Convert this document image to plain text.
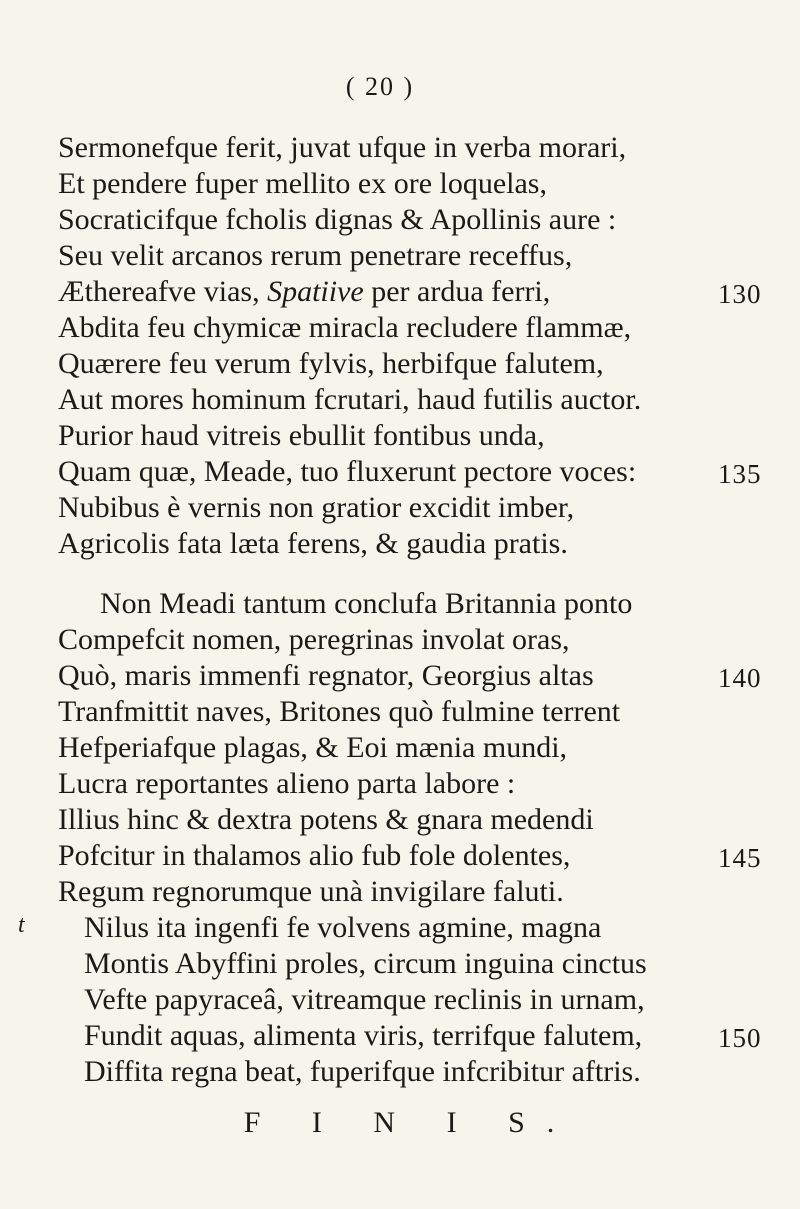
( 20 )
Sermonefque ferit, juvat ufque in verba morari,
Et pendere fuper mellito ex ore loquelas,
Socraticifque fcholis dignas & Apollinis aure :
Seu velit arcanos rerum penetrare receffus,
Æthereafve vias, Spatiive per ardua ferri,	130
Abdita feu chymicæ miracla recludere flammæ,
Quærere feu verum fylvis, herbifque falutem,
Aut mores hominum fcrutari, haud futilis auctor.
Purior haud vitreis ebullit fontibus unda,
Quam quæ, Meade, tuo fluxerunt pectore voces:	135
Nubibus è vernis non gratior excidit imber,
Agricolis fata læta ferens, & gaudia pratis.
Non Meadi tantum conclufa Britannia ponto
Compefcit nomen, peregrinas involat oras,
Quò, maris immenfi regnator, Georgius altas	140
Tranfmittit naves, Britones quò fulmine terrent
Hefperiafque plagas, & Eoi mænia mundi,
Lucra reportantes alieno parta labore :
Illius hinc & dextra potens & gnara medendi
Pofcitur in thalamos alio fub fole dolentes,	145
Regum regnorumque unà invigilare faluti.
t Nilus ita ingenfi fe volvens agmine, magna
Montis Abyffini proles, circum inguina cinctus
Vefte papyraceâ, vitreamque reclinis in urnam,
Fundit aquas, alimenta viris, terrifque falutem,	150
Diffita regna beat, fuperifque infcribitur aftris.
F I N I S.
